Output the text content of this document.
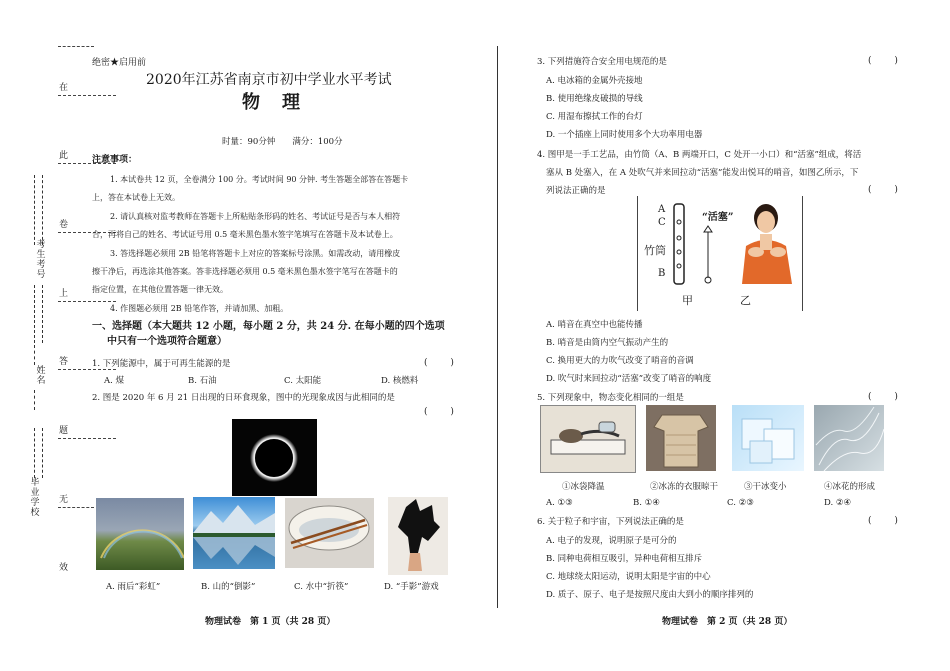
在
此
卷
上
答
题
无
效
考生考号
姓名
毕业学校
绝密★启用前
2020年江苏省南京市初中学业水平考试
物　理
时量：90分钟　　满分：100分
注意事项：
1. 本试卷共 12 页，全卷满分 100 分。考试时间 90 分钟. 考生答题全部答在答题卡
上，答在本试卷上无效。
2. 请认真核对监考教师在答题卡上所粘贴条形码的姓名、考试证号是否与本人相符
合，再将自己的姓名、考试证号用 0.5 毫米黑色墨水签字笔填写在答题卡及本试卷上。
3. 答选择题必须用 2B 铅笔将答题卡上对应的答案标号涂黑。如需改动，请用橡皮
擦干净后，再选涂其他答案。答非选择题必须用 0.5 毫米黑色墨水签字笔写在答题卡的
指定位置，在其他位置答题一律无效。
4. 作图题必须用 2B 铅笔作答，并请加黑、加粗。
一、选择题（本大题共 12 小题，每小题 2 分，共 24 分. 在每小题的四个选项
中只有一个选项符合题意）
1. 下列能源中，属于可再生能源的是	(        )
A. 煤	B. 石油	C. 太阳能	D. 核燃料
2. 图是 2020 年 6 月 21 日出现的日环食现象，图中的光现象成因与此相同的是
(        )
A. 雨后“彩虹”	B. 山的“倒影”	C. 水中“折筷”	D. “手影”游戏
物理试卷　第 1 页（共 28 页）
3. 下列措施符合安全用电规范的是	(        )
A. 电冰箱的金属外壳接地
B. 使用绝缘皮破损的导线
C. 用湿布擦拭工作的台灯
D. 一个插座上同时使用多个大功率用电器
4. 图甲是一手工艺品，由竹筒（A、B 两端开口，C 处开一小口）和“活塞”组成，将活
塞从 B 处塞入，在 A 处吹气并来回拉动“活塞”能发出悦耳的哨音，如图乙所示，下
列说法正确的是	(        )
A
C
竹筒
B
“活塞”
甲	乙
A. 哨音在真空中也能传播
B. 哨音是由筒内空气振动产生的
C. 换用更大的力吹气改变了哨音的音调
D. 吹气时来回拉动“活塞”改变了哨音的响度
5. 下列现象中，物态变化相同的一组是	(        )
①冰袋降温	②冰冻的衣服晾干	③干冰变小	④冰花的形成
A. ①③	B. ①④	C. ②③	D. ②④
6. 关于粒子和宇宙，下列说法正确的是	(        )
A. 电子的发现，说明原子是可分的
B. 同种电荷相互吸引，异种电荷相互排斥
C. 地球绕太阳运动，说明太阳是宇宙的中心
D. 质子、原子、电子是按照尺度由大到小的顺序排列的
物理试卷　第 2 页（共 28 页）
